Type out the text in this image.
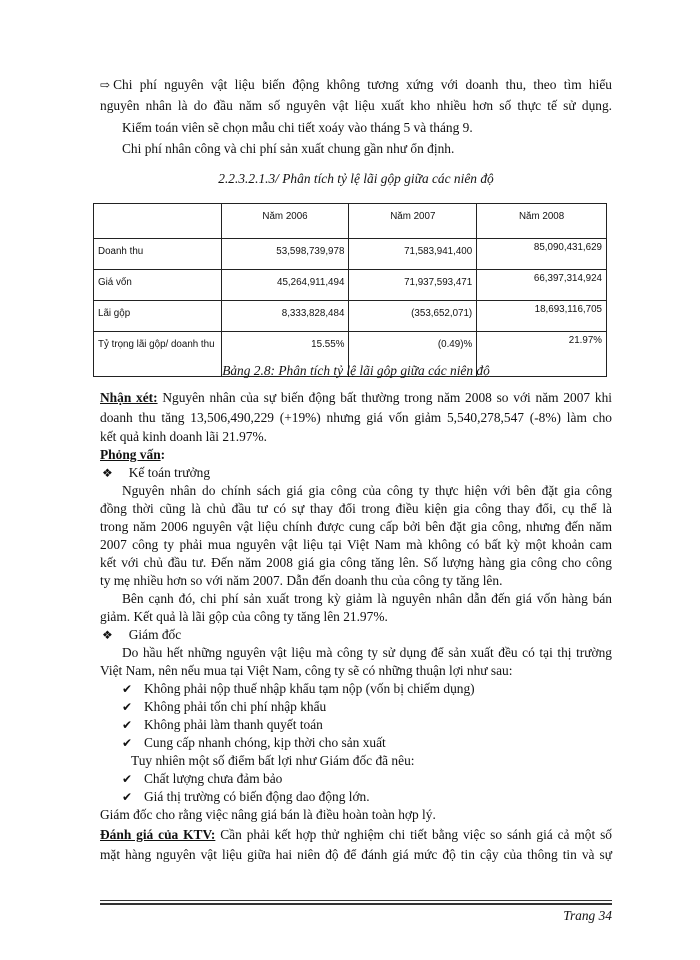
⇨ Chi phí nguyên vật liệu biến động không tương xứng với doanh thu, theo tìm hiểu
nguyên nhân là do đầu năm số nguyên vật liệu xuất kho nhiều hơn số thực tế sử dụng.
Kiểm toán viên sẽ chọn mẫu chi tiết xoáy vào tháng 5 và tháng 9.
Chi phí nhân công và chi phí sản xuất chung gần như ổn định.
2.2.3.2.1.3/ Phân tích tỷ lệ lãi gộp giữa các niên độ
	Năm 2006	Năm 2007	Năm 2008
Doanh thu	53,598,739,978	71,583,941,400	85,090,431,629
Giá vốn	45,264,911,494	71,937,593,471	66,397,314,924
Lãi gộp	8,333,828,484	(353,652,071)	18,693,116,705
Tỷ trọng lãi gộp/ doanh thu	15.55%	(0.49)%	21.97%
Bảng 2.8: Phân tích tỷ lệ lãi gộp giữa các niên độ
Nhận xét: Nguyên nhân của sự biến động bất thường trong năm 2008 so với năm 2007 khi
doanh thu tăng 13,506,490,229 (+19%) nhưng giá vốn giảm 5,540,278,547 (-8%) làm cho
kết quả kinh doanh lãi 21.97%.
Phỏng vấn:
❖ Kế toán trưởng
Nguyên nhân do chính sách giá gia công của công ty thực hiện với bên đặt gia công
đồng thời cũng là chủ đầu tư có sự thay đổi trong điều kiện gia công thay đổi, cụ thể là
trong năm 2006 nguyên vật liệu chính được cung cấp bởi bên đặt gia công, nhưng đến năm
2007 công ty phải mua nguyên vật liệu tại Việt Nam mà không có bất kỳ một khoản cam
kết với chủ đầu tư. Đến năm 2008 giá gia công tăng lên. Số lượng hàng gia công cho công
ty mẹ nhiều hơn so với năm 2007. Dẫn đến doanh thu của công ty tăng lên.
Bên cạnh đó, chi phí sản xuất trong kỳ giảm là nguyên nhân dẫn đến giá vốn hàng bán
giảm. Kết quả là lãi gộp của công ty tăng lên 21.97%.
❖ Giám đốc
Do hầu hết những nguyên vật liệu mà công ty sử dụng để sản xuất đều có tại thị trường
Việt Nam, nên nếu mua tại Việt Nam, công ty sẽ có những thuận lợi như sau:
✔ Không phải nộp thuế nhập khẩu tạm nộp (vốn bị chiếm dụng)
✔ Không phải tốn chi phí nhập khẩu
✔ Không phải làm thanh quyết toán
✔ Cung cấp nhanh chóng, kịp thời cho sản xuất
Tuy nhiên một số điểm bất lợi như Giám đốc đã nêu:
✔ Chất lượng chưa đảm bảo
✔ Giá thị trường có biến động dao động lớn.
Giám đốc cho rằng việc nâng giá bán là điều hoàn toàn hợp lý.
Đánh giá của KTV: Cần phải kết hợp thử nghiệm chi tiết bằng việc so sánh giá cả một số
mặt hàng nguyên vật liệu giữa hai niên độ để đánh giá mức độ tin cậy của thông tin và sự
Trang 34
